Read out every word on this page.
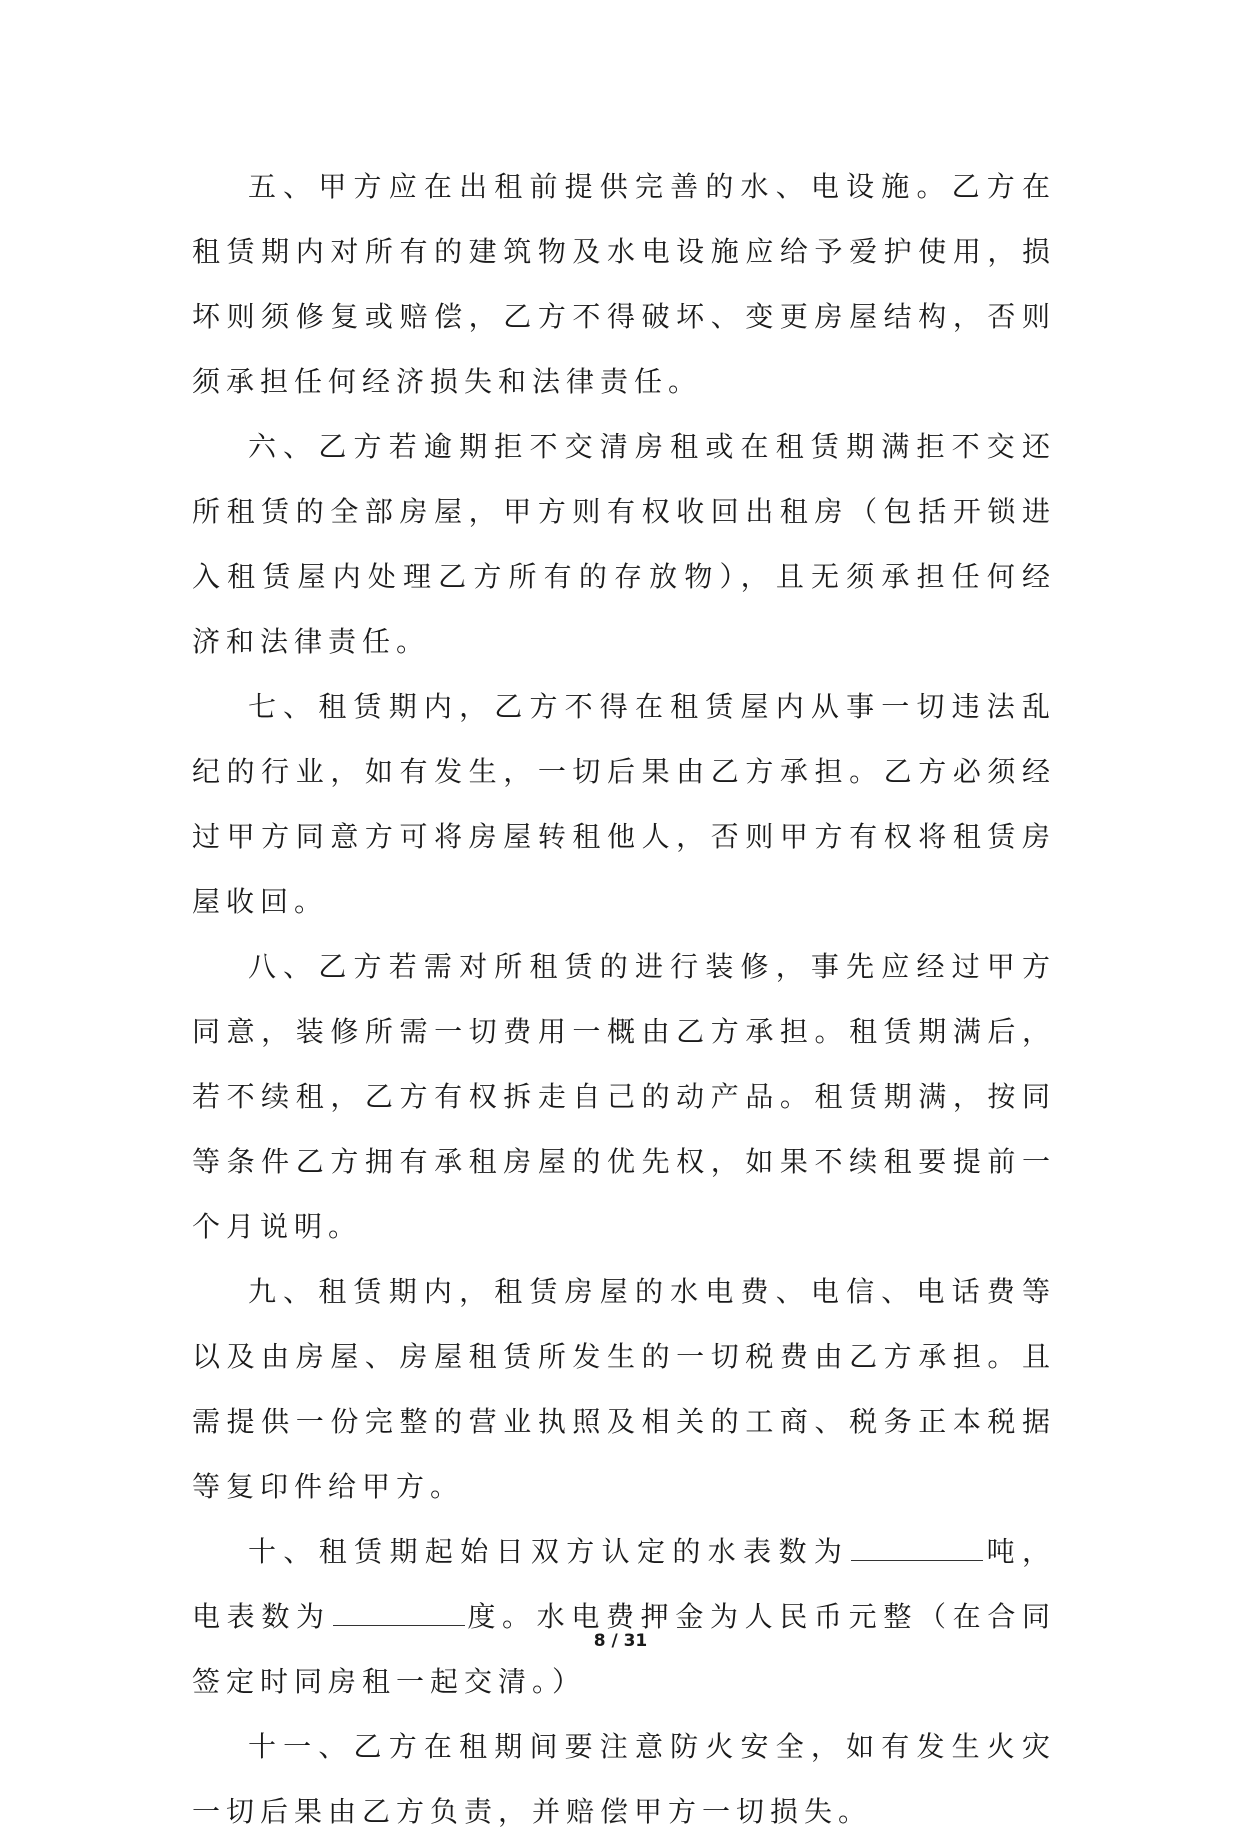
五、甲方应在出租前提供完善的水、电设施。乙方在租赁期内对所有的建筑物及水电设施应给予爱护使用，损坏则须修复或赔偿，乙方不得破坏、变更房屋结构，否则须承担任何经济损失和法律责任。

六、乙方若逾期拒不交清房租或在租赁期满拒不交还所租赁的全部房屋，甲方则有权收回出租房（包括开锁进入租赁屋内处理乙方所有的存放物），且无须承担任何经济和法律责任。

七、租赁期内，乙方不得在租赁屋内从事一切违法乱纪的行业，如有发生，一切后果由乙方承担。乙方必须经过甲方同意方可将房屋转租他人，否则甲方有权将租赁房屋收回。

八、乙方若需对所租赁的进行装修，事先应经过甲方同意，装修所需一切费用一概由乙方承担。租赁期满后，若不续租，乙方有权拆走自己的动产品。租赁期满，按同等条件乙方拥有承租房屋的优先权，如果不续租要提前一个月说明。

九、租赁期内，租赁房屋的水电费、电信、电话费等以及由房屋、房屋租赁所发生的一切税费由乙方承担。且需提供一份完整的营业执照及相关的工商、税务正本税据等复印件给甲方。

十、租赁期起始日双方认定的水表数为	吨，电表数为	度。水电费押金为人民币元整（在合同签定时同房租一起交清。）

十一、乙方在租期间要注意防火安全，如有发生火灾一切后果由乙方负责，并赔偿甲方一切损失。

8 / 31
